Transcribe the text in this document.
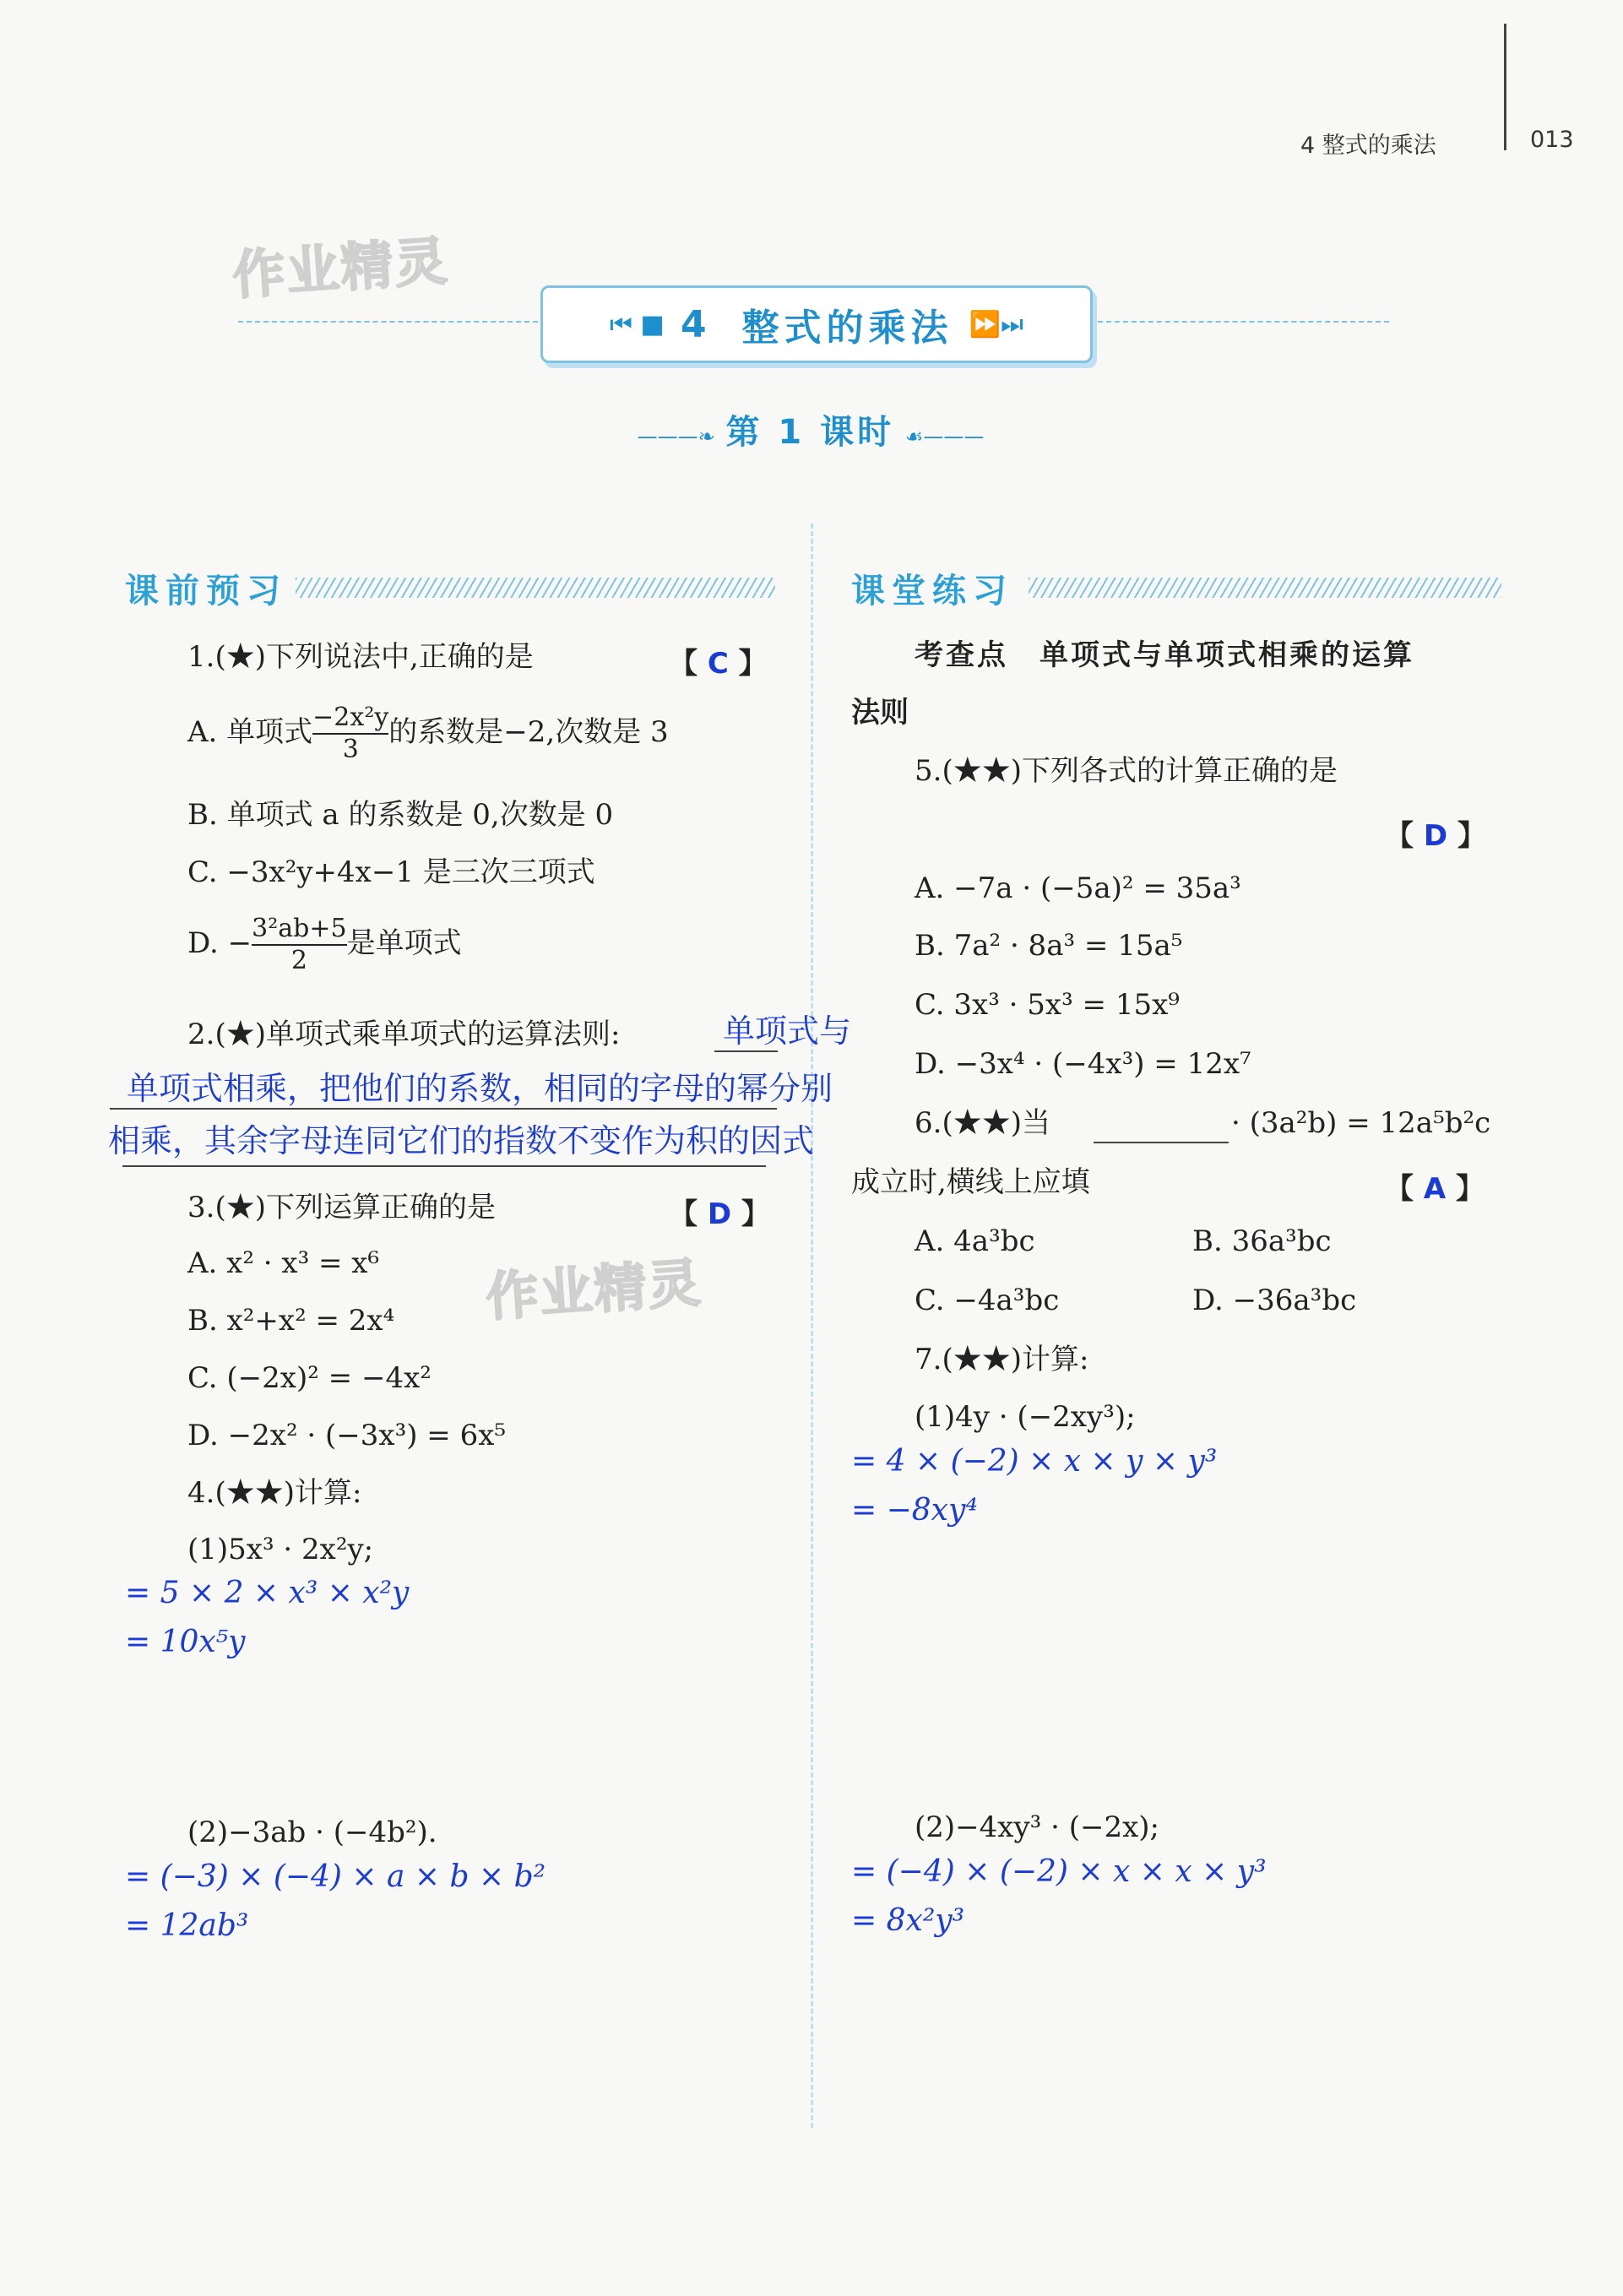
4 整式的乘法	013
作业精灵
作业精灵
⏮ ■ 4 整式的乘法 ⏩⏭
———❧  第 1 课时  ☙———
课前预习
1.(★)下列说法中,正确的是	【 C 】
A. 单项式 $\frac{\text{−2x²y}}{3}$ 的系数是−2,次数是 3
B. 单项式 a 的系数是 0,次数是 0
C. −3x²y+4x−1 是三次三项式
D. − $\frac{\text{3²ab+5}}{2}$ 是单项式
2.(★)单项式乘单项式的运算法则:	单项式与
单项式相乘，把他们的系数，相同的字母的幂分别
相乘，其余字母连同它们的指数不变作为积的因式
3.(★)下列运算正确的是	【 D 】
A. x² · x³ = x⁶
B. x²+x² = 2x⁴
C. (−2x)² = −4x²
D. −2x² · (−3x³) = 6x⁵
4.(★★)计算:
(1)5x³ · 2x²y;
= 5 × 2 × x³ × x²y
= 10x⁵y
(2)−3ab · (−4b²).
= (−3) × (−4) × a × b × b²
= 12ab³
课堂练习
考查点　单项式与单项式相乘的运算
法则
5.(★★)下列各式的计算正确的是
【 D 】
A. −7a · (−5a)² = 35a³
B. 7a² · 8a³ = 15a⁵
C. 3x³ · 5x³ = 15x⁹
D. −3x⁴ · (−4x³) = 12x⁷
6.(★★)当	· (3a²b) = 12a⁵b²c
成立时,横线上应填	【 A 】
A. 4a³bc	B. 36a³bc
C. −4a³bc	D. −36a³bc
7.(★★)计算:
(1)4y · (−2xy³);
= 4 × (−2) × x × y × y³
= −8xy⁴
(2)−4xy³ · (−2x);
= (−4) × (−2) × x × x × y³
= 8x²y³
